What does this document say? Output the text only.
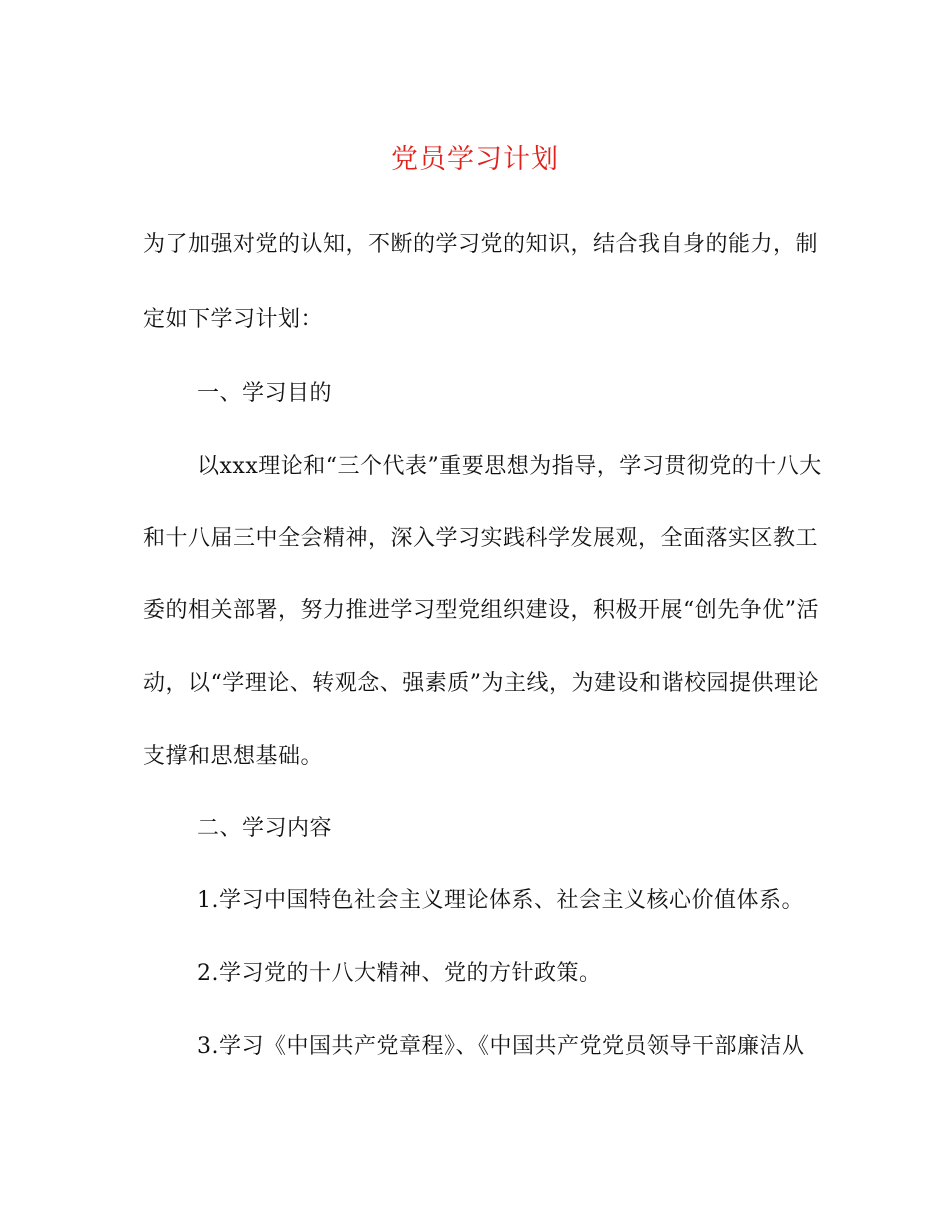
党员学习计划
为了加强对党的认知，不断的学习党的知识，结合我自身的能力，制
定如下学习计划：
一、学习目的
以xxx理论和“三个代表”重要思想为指导，学习贯彻党的十八大
和十八届三中全会精神，深入学习实践科学发展观，全面落实区教工
委的相关部署，努力推进学习型党组织建设，积极开展“创先争优”活
动，以“学理论、转观念、强素质”为主线，为建设和谐校园提供理论
支撑和思想基础。
二、学习内容
1.学习中国特色社会主义理论体系、社会主义核心价值体系。
2.学习党的十八大精神、党的方针政策。
3.学习《中国共产党章程》、《中国共产党党员领导干部廉洁从
